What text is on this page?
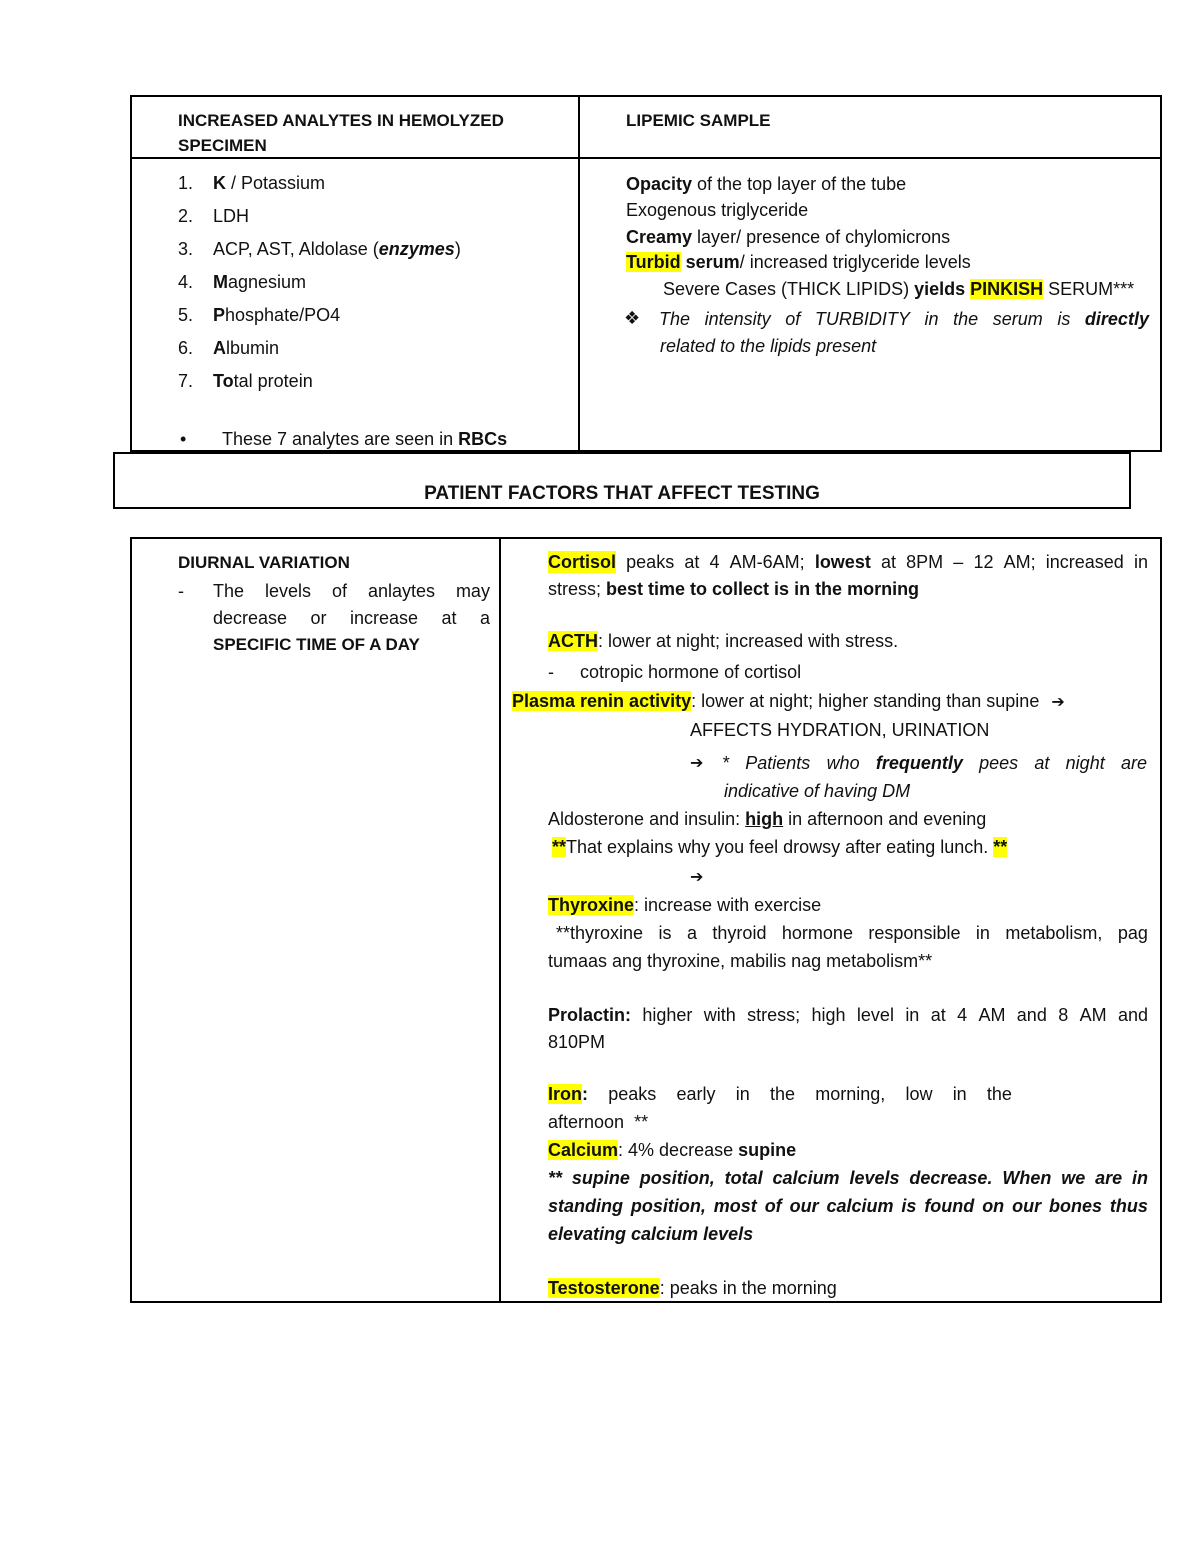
INCREASED ANALYTES IN HEMOLYZED
SPECIMEN
LIPEMIC SAMPLE
1. K / Potassium
2. LDH
3. ACP, AST, Aldolase (enzymes)
4. Magnesium
5. Phosphate/PO4
6. Albumin
7. Total protein
• These 7 analytes are seen in RBCs
Opacity of the top layer of the tube
Exogenous triglyceride
Creamy layer/ presence of chylomicrons
Turbid serum/ increased triglyceride levels
Severe Cases (THICK LIPIDS) yields PINKISH SERUM***
❖ The intensity of TURBIDITY in the serum is directly
related to the lipids present
PATIENT FACTORS THAT AFFECT TESTING
DIURNAL VARIATION
- The levels of anlaytes may
decrease or increase at a
SPECIFIC TIME OF A DAY
Cortisol peaks at 4 AM-6AM; lowest at 8PM – 12 AM; increased in
stress; best time to collect is in the morning
ACTH: lower at night; increased with stress.
- cotropic hormone of cortisol
Plasma renin activity: lower at night; higher standing than supine ➔
AFFECTS HYDRATION, URINATION
➔ * Patients who frequently pees at night are
indicative of having DM
Aldosterone and insulin: high in afternoon and evening
**That explains why you feel drowsy after eating lunch. **
➔
Thyroxine: increase with exercise
**thyroxine is a thyroid hormone responsible in metabolism, pag
tumaas ang thyroxine, mabilis nag metabolism**
Prolactin: higher with stress; high level in at 4 AM and 8 AM and
810PM
Iron: peaks early in the morning, low in the
afternoon  **
Calcium: 4% decrease supine
** supine position, total calcium levels decrease. When we are in
standing position, most of our calcium is found on our bones thus
elevating calcium levels
Testosterone: peaks in the morning
